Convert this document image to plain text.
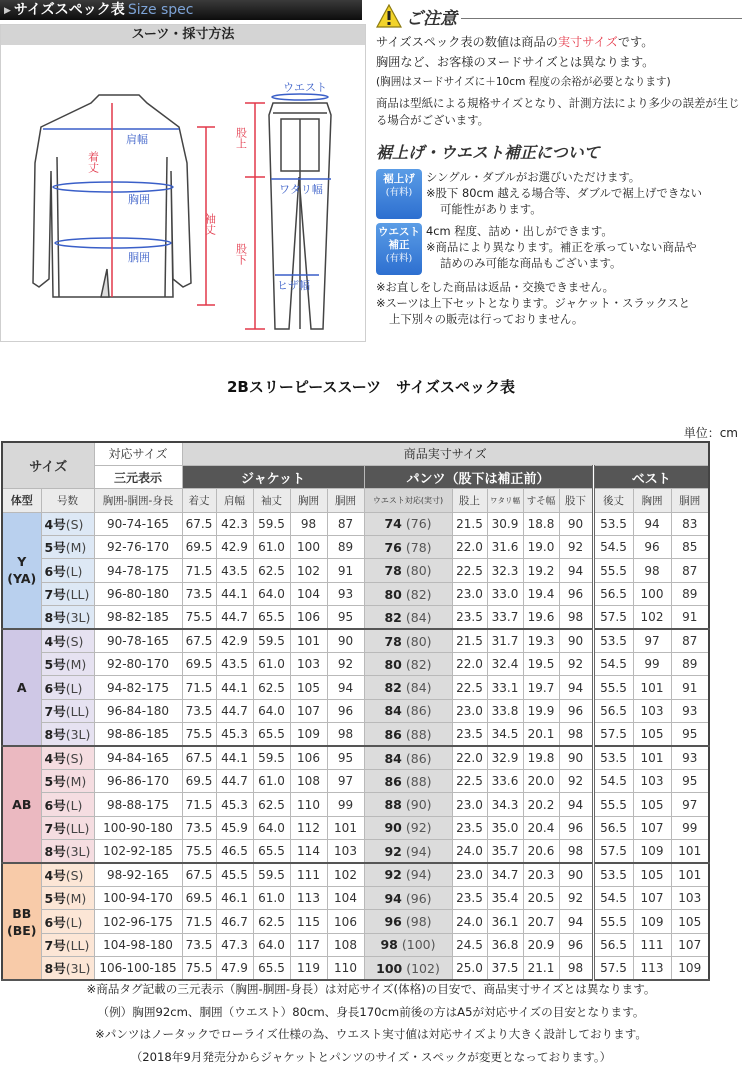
▶ サイズスペック表 Size spec
スーツ・採寸方法
肩幅
胸囲
胴囲
着丈
袖丈
ウエスト
ワタリ幅
ヒザ幅
股上
股下
ご注意
サイズスペック表の数値は商品の実寸サイズです。
胸囲など、お客様のヌードサイズとは異なります。
(胸囲はヌードサイズに＋10cm 程度の余裕が必要となります)
商品は型紙による規格サイズとなり、計測方法により多少の誤差が生じる場合がございます。
裾上げ・ウエスト補正について
裾上げ
(有料)
シングル・ダブルがお選びいただけます。
※股下 80cm 越える場合等、ダブルで裾上げできない
可能性があります。
ウエスト
補正
(有料)
4cm 程度、詰め・出しができます。
※商品により異なります。補正を承っていない商品や
詰めのみ可能な商品もございます。
※お直しをした商品は返品・交換できません。
※スーツは上下セットとなります。ジャケット・スラックスと
上下別々の販売は行っておりません。
2Bスリーピーススーツ　サイズスペック表
単位：cm
サイズ		対応サイズ	商品実寸サイズ												
		三元表示	ジャケット					パンツ（股下は補正前）					ベスト		
体型	号数	胸囲-胴囲-身長	着丈	肩幅	袖丈	胸囲	胴囲	ウエスト対応(実寸)	股上	ワタリ幅	すそ幅	股下	後丈	胸囲	胴囲

Y
(YA)	4号(S)	90-74-165	67.5	42.3	59.5	98	87	74 (76)	21.5	30.9	18.8	90	53.5	94	83
	5号(M)	92-76-170	69.5	42.9	61.0	100	89	76 (78)	22.0	31.6	19.0	92	54.5	96	85
	6号(L)	94-78-175	71.5	43.5	62.5	102	91	78 (80)	22.5	32.3	19.2	94	55.5	98	87
	7号(LL)	96-80-180	73.5	44.1	64.0	104	93	80 (82)	23.0	33.0	19.4	96	56.5	100	89
	8号(3L)	98-82-185	75.5	44.7	65.5	106	95	82 (84)	23.5	33.7	19.6	98	57.5	102	91

A	4号(S)	90-78-165	67.5	42.9	59.5	101	90	78 (80)	21.5	31.7	19.3	90	53.5	97	87
	5号(M)	92-80-170	69.5	43.5	61.0	103	92	80 (82)	22.0	32.4	19.5	92	54.5	99	89
	6号(L)	94-82-175	71.5	44.1	62.5	105	94	82 (84)	22.5	33.1	19.7	94	55.5	101	91
	7号(LL)	96-84-180	73.5	44.7	64.0	107	96	84 (86)	23.0	33.8	19.9	96	56.5	103	93
	8号(3L)	98-86-185	75.5	45.3	65.5	109	98	86 (88)	23.5	34.5	20.1	98	57.5	105	95

AB	4号(S)	94-84-165	67.5	44.1	59.5	106	95	84 (86)	22.0	32.9	19.8	90	53.5	101	93
	5号(M)	96-86-170	69.5	44.7	61.0	108	97	86 (88)	22.5	33.6	20.0	92	54.5	103	95
	6号(L)	98-88-175	71.5	45.3	62.5	110	99	88 (90)	23.0	34.3	20.2	94	55.5	105	97
	7号(LL)	100-90-180	73.5	45.9	64.0	112	101	90 (92)	23.5	35.0	20.4	96	56.5	107	99
	8号(3L)	102-92-185	75.5	46.5	65.5	114	103	92 (94)	24.0	35.7	20.6	98	57.5	109	101

BB
(BE)	4号(S)	98-92-165	67.5	45.5	59.5	111	102	92 (94)	23.0	34.7	20.3	90	53.5	105	101
	5号(M)	100-94-170	69.5	46.1	61.0	113	104	94 (96)	23.5	35.4	20.5	92	54.5	107	103
	6号(L)	102-96-175	71.5	46.7	62.5	115	106	96 (98)	24.0	36.1	20.7	94	55.5	109	105
	7号(LL)	104-98-180	73.5	47.3	64.0	117	108	98 (100)	24.5	36.8	20.9	96	56.5	111	107
	8号(3L)	106-100-185	75.5	47.9	65.5	119	110	100 (102)	25.0	37.5	21.1	98	57.5	113	109
※商品タグ記載の三元表示（胸囲-胴囲-身長）は対応サイズ(体格)の目安で、商品実寸サイズとは異なります。
（例）胸囲92cm、胴囲（ウエスト）80cm、身長170cm前後の方はA5が対応サイズの目安となります。
※パンツはノータックでローライズ仕様の為、ウエスト実寸値は対応サイズより大きく設計しております。
（2018年9月発売分からジャケットとパンツのサイズ・スペックが変更となっております。）
